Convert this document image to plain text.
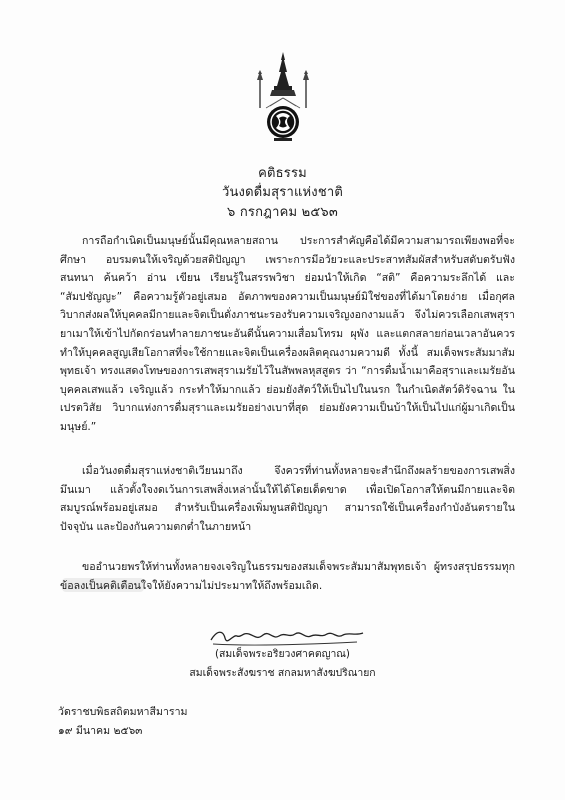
คติธรรม
วันงดดื่มสุราแห่งชาติ
๖ กรกฎาคม ๒๕๖๓
การถือกำเนิดเป็นมนุษย์นั้นมีคุณหลายสถาน ประการสำคัญคือได้มีความสามารถเพียงพอที่จะศึกษา อบรมตนให้เจริญด้วยสติปัญญา เพราะการมีอวัยวะและประสาทสัมผัสสำหรับสดับตรับฟัง สนทนา ค้นคว้า อ่าน เขียน เรียนรู้ในสรรพวิชา ย่อมนำให้เกิด “สติ” คือความระลึกได้ และ “สัมปชัญญะ” คือความรู้ตัวอยู่เสมอ อัตภาพของความเป็นมนุษย์มิใช่ของที่ได้มาโดยง่าย เมื่อกุศลวิบากส่งผลให้บุคคลมีกายและจิตเป็นดั่งภาชนะรองรับความเจริญงอกงามแล้ว จึงไม่ควรเลือกเสพสุรายาเมาให้เข้าไปกัดกร่อนทำลายภาชนะอันดีนั้นความเสื่อมโทรม ผุพัง และแตกสลายก่อนเวลาอันควร ทำให้บุคคลสูญเสียโอกาสที่จะใช้กายและจิตเป็นเครื่องผลิตคุณงามความดี ทั้งนี้ สมเด็จพระสัมมาสัมพุทธเจ้า ทรงแสดงโทษของการเสพสุราเมรัยไว้ในสัพพลหุสสูตร ว่า “การดื่มน้ำเมาคือสุราและเมรัยอันบุคคลเสพแล้ว เจริญแล้ว กระทำให้มากแล้ว ย่อมยังสัตว์ให้เป็นไปในนรก ในกำเนิดสัตว์ดิรัจฉาน ในเปรตวิสัย วิบากแห่งการดื่มสุราและเมรัยอย่างเบาที่สุด ย่อมยังความเป็นบ้าให้เป็นไปแก่ผู้มาเกิดเป็นมนุษย์.”
เมื่อวันงดดื่มสุราแห่งชาติเวียนมาถึง จึงควรที่ท่านทั้งหลายจะสำนึกถึงผลร้ายของการเสพสิ่งมึนเมา แล้วตั้งใจงดเว้นการเสพสิ่งเหล่านั้นให้ได้โดยเด็ดขาด เพื่อเปิดโอกาสให้ตนมีกายและจิตสมบูรณ์พร้อมอยู่เสมอ สำหรับเป็นเครื่องเพิ่มพูนสติปัญญา สามารถใช้เป็นเครื่องกำบังอันตรายในปัจจุบัน และป้องกันความตกต่ำในภายหน้า
ขออำนวยพรให้ท่านทั้งหลายจงเจริญในธรรมของสมเด็จพระสัมมาสัมพุทธเจ้า ผู้ทรงสรุปธรรมทุกข้อลงเป็นคติเตือนใจให้ยังความไม่ประมาทให้ถึงพร้อมเถิด.
(สมเด็จพระอริยวงศาคตญาณ)
สมเด็จพระสังฆราช สกลมหาสังฆปริณายก
วัดราชบพิธสถิตมหาสีมาราม
๑๙ มีนาคม ๒๕๖๓
